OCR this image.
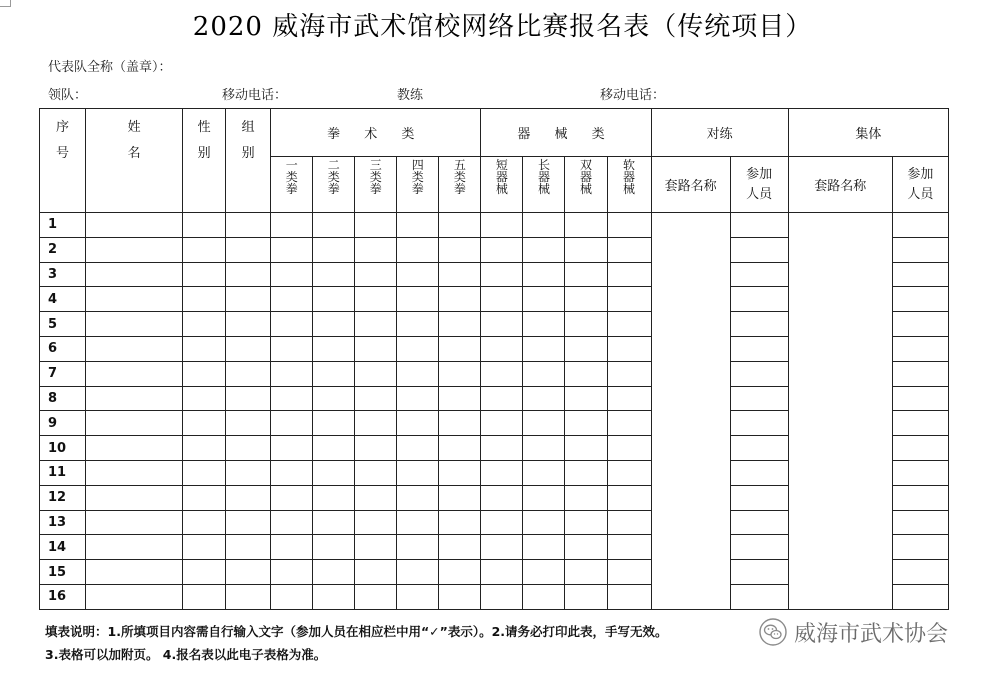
2020 威海市武术馆校网络比赛报名表（传统项目）
代表队全称（盖章）：
领队：	移动电话：	教练	移动电话：
序号	姓名	性别	组别	拳 术 类					器 械 类				对练		集体	

				一类拳	二类拳	三类拳	四类拳	五类拳	短器械	长器械	双器械	软器械	套路名称	参加人员	套路名称	参加人员

1																
2																
3																
4																
5																
6																
7																
8																
9																
10																
11																
12																
13																
14																
15																
16																
填表说明：1.所填项目内容需自行输入文字（参加人员在相应栏中用“✓”表示）。2.请务必打印此表，手写无效。
3.表格可以加附页。 4.报名表以此电子表格为准。
威海市武术协会
